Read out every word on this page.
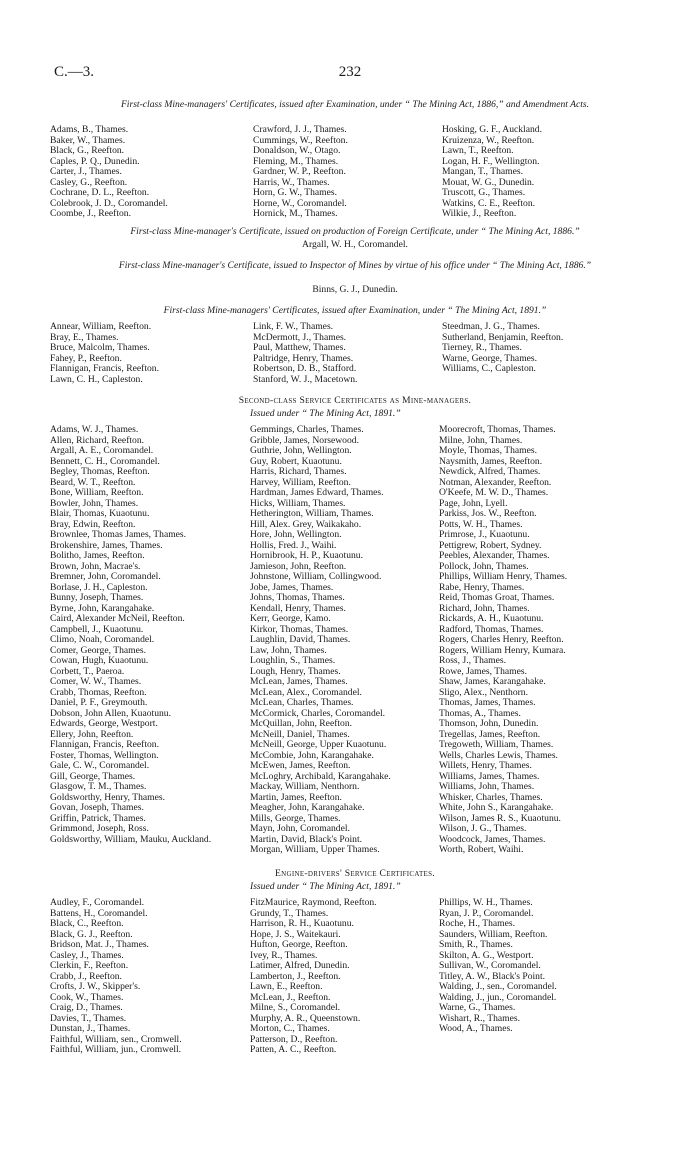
C.—3.	232
First-class Mine-managers' Certificates, issued after Examination, under “ The Mining Act, 1886,” and Amendment Acts.
Adams, B., Thames.
Baker, W., Thames.
Black, G., Reefton.
Caples, P. Q., Dunedin.
Carter, J., Thames.
Casley, G., Reefton.
Cochrane, D. L., Reefton.
Colebrook, J. D., Coromandel.
Coombe, J., Reefton.
Crawford, J. J., Thames.
Cummings, W., Reefton.
Donaldson, W., Otago.
Fleming, M., Thames.
Gardner, W. P., Reefton.
Harris, W., Thames.
Horn, G. W., Thames.
Horne, W., Coromandel.
Hornick, M., Thames.
Hosking, G. F., Auckland.
Kruizenza, W., Reefton.
Lawn, T., Reefton.
Logan, H. F., Wellington.
Mangan, T., Thames.
Mouat, W. G., Dunedin.
Truscott, G., Thames.
Watkins, C. E., Reefton.
Wilkie, J., Reefton.
First-class Mine-manager's Certificate, issued on production of Foreign Certificate, under “ The Mining Act, 1886.”
Argall, W. H., Coromandel.
First-class Mine-manager's Certificate, issued to Inspector of Mines by virtue of his office under “ The Mining Act, 1886.”
Binns, G. J., Dunedin.
First-class Mine-managers' Certificates, issued after Examination, under “ The Mining Act, 1891.”
Annear, William, Reefton.
Bray, E., Thames.
Bruce, Malcolm, Thames.
Fahey, P., Reefton.
Flannigan, Francis, Reefton.
Lawn, C. H., Capleston.
Link, F. W., Thames.
McDermott, J., Thames.
Paul, Matthew, Thames.
Paltridge, Henry, Thames.
Robertson, D. B., Stafford.
Stanford, W. J., Macetown.
Steedman, J. G., Thames.
Sutherland, Benjamin, Reefton.
Tierney, R., Thames.
Warne, George, Thames.
Williams, C., Capleston.
Second-class Service Certificates as Mine-managers.
Issued under “ The Mining Act, 1891.”
Adams, W. J., Thames.
Allen, Richard, Reefton.
Argall, A. E., Coromandel.
Bennett, C. H., Coromandel.
Begley, Thomas, Reefton.
Beard, W. T., Reefton.
Bone, William, Reefton.
Bowler, John, Thames.
Blair, Thomas, Kuaotunu.
Bray, Edwin, Reefton.
Brownlee, Thomas James, Thames.
Brokenshire, James, Thames.
Bolitho, James, Reefton.
Brown, John, Macrae's.
Bremner, John, Coromandel.
Borlase, J. H., Capleston.
Bunny, Joseph, Thames.
Byrne, John, Karangahake.
Caird, Alexander McNeil, Reefton.
Campbell, J., Kuaotunu.
Climo, Noah, Coromandel.
Comer, George, Thames.
Cowan, Hugh, Kuaotunu.
Corbett, T., Paeroa.
Comer, W. W., Thames.
Crabb, Thomas, Reefton.
Daniel, P. F., Greymouth.
Dobson, John Allen, Kuaotunu.
Edwards, George, Westport.
Ellery, John, Reefton.
Flannigan, Francis, Reefton.
Foster, Thomas, Wellington.
Gale, C. W., Coromandel.
Gill, George, Thames.
Glasgow, T. M., Thames.
Goldsworthy, Henry, Thames.
Govan, Joseph, Thames.
Griffin, Patrick, Thames.
Grimmond, Joseph, Ross.
Goldsworthy, William, Mauku, Auckland.
Gemmings, Charles, Thames.
Gribble, James, Norsewood.
Guthrie, John, Wellington.
Guy, Robert, Kuaotunu.
Harris, Richard, Thames.
Harvey, William, Reefton.
Hardman, James Edward, Thames.
Hicks, William, Thames.
Hetherington, William, Thames.
Hill, Alex. Grey, Waikakaho.
Hore, John, Wellington.
Hollis, Fred. J., Waihi.
Hornibrook, H. P., Kuaotunu.
Jamieson, John, Reefton.
Johnstone, William, Collingwood.
Jobe, James, Thames.
Johns, Thomas, Thames.
Kendall, Henry, Thames.
Kerr, George, Kamo.
Kirkor, Thomas, Thames.
Laughlin, David, Thames.
Law, John, Thames.
Loughlin, S., Thames.
Lough, Henry, Thames.
McLean, James, Thames.
McLean, Alex., Coromandel.
McLean, Charles, Thames.
McCormick, Charles, Coromandel.
McQuillan, John, Reefton.
McNeill, Daniel, Thames.
McNeill, George, Upper Kuaotunu.
McCombie, John, Karangahake.
McEwen, James, Reefton.
McLoghry, Archibald, Karangahake.
Mackay, William, Nenthorn.
Martin, James, Reefton.
Meagher, John, Karangahake.
Mills, George, Thames.
Mayn, John, Coromandel.
Martin, David, Black's Point.
Morgan, William, Upper Thames.
Moorecroft, Thomas, Thames.
Milne, John, Thames.
Moyle, Thomas, Thames.
Naysmith, James, Reefton.
Newdick, Alfred, Thames.
Notman, Alexander, Reefton.
O'Keefe, M. W. D., Thames.
Page, John, Lyell.
Parkiss, Jos. W., Reefton.
Potts, W. H., Thames.
Primrose, J., Kuaotunu.
Pettigrew, Robert, Sydney.
Peebles, Alexander, Thames.
Pollock, John, Thames.
Phillips, William Henry, Thames.
Rabe, Henry, Thames.
Reid, Thomas Groat, Thames.
Richard, John, Thames.
Rickards, A. H., Kuaotunu.
Radford, Thomas, Thames.
Rogers, Charles Henry, Reefton.
Rogers, William Henry, Kumara.
Ross, J., Thames.
Rowe, James, Thames.
Shaw, James, Karangahake.
Sligo, Alex., Nenthorn.
Thomas, James, Thames.
Thomas, A., Thames.
Thomson, John, Dunedin.
Tregellas, James, Reefton.
Tregoweth, William, Thames.
Wells, Charles Lewis, Thames.
Willets, Henry, Thames.
Williams, James, Thames.
Williams, John, Thames.
Whisker, Charles, Thames.
White, John S., Karangahake.
Wilson, James R. S., Kuaotunu.
Wilson, J. G., Thames.
Woodcock, James, Thames.
Worth, Robert, Waihi.
Engine-drivers' Service Certificates.
Issued under “ The Mining Act, 1891.”
Audley, F., Coromandel.
Battens, H., Coromandel.
Black, C., Reefton.
Black, G. J., Reefton.
Bridson, Mat. J., Thames.
Casley, J., Thames.
Clerkin, F., Reefton.
Crabb, J., Reefton.
Crofts, J. W., Skipper's.
Cook, W., Thames.
Craig, D., Thames.
Davies, T., Thames.
Dunstan, J., Thames.
Faithful, William, sen., Cromwell.
Faithful, William, jun., Cromwell.
FitzMaurice, Raymond, Reefton.
Grundy, T., Thames.
Harrison, R. H., Kuaotunu.
Hope, J. S., Waitekauri.
Hufton, George, Reefton.
Ivey, R., Thames.
Latimer, Alfred, Dunedin.
Lamberton, J., Reefton.
Lawn, E., Reefton.
McLean, J., Reefton.
Milne, S., Coromandel.
Murphy, A. R., Queenstown.
Morton, C., Thames.
Patterson, D., Reefton.
Patten, A. C., Reefton.
Phillips, W. H., Thames.
Ryan, J. P., Coromandel.
Roche, H., Thames.
Saunders, William, Reefton.
Smith, R., Thames.
Skilton, A. G., Westport.
Sullivan, W., Coromandel.
Titley, A. W., Black's Point.
Walding, J., sen., Coromandel.
Walding, J., jun., Coromandel.
Warne, G., Thames.
Wishart, R., Thames.
Wood, A., Thames.
